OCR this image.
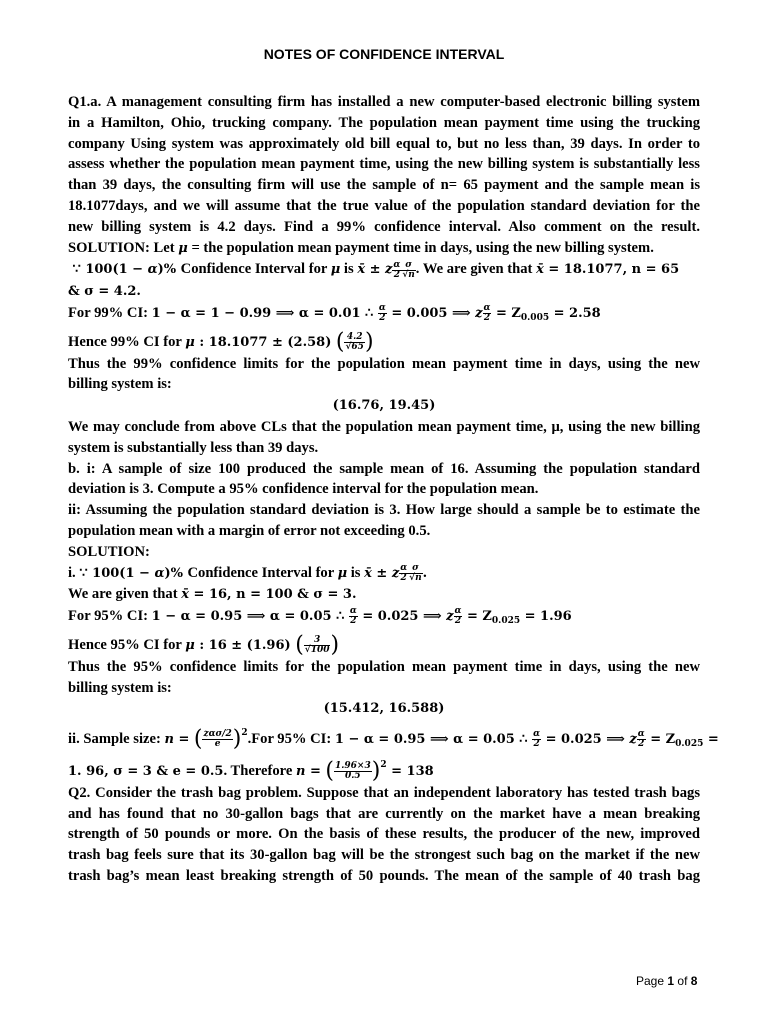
NOTES OF CONFIDENCE INTERVAL
Q1.a. A management consulting firm has installed a new computer-based electronic billing system
in a Hamilton, Ohio, trucking company. The population mean payment time using the trucking
company Using system was approximately old bill equal to, but no less than, 39 days. In order to
assess whether the population mean payment time, using the new billing system is substantially less
than 39 days, the consulting firm will use the sample of n= 65 payment and the sample mean is
18.1077days, and we will assume that the true value of the population standard deviation for the
new billing system is 4.2 days. Find a 99% confidence interval. Also comment on the result.
SOLUTION: Let μ = the population mean payment time in days, using the new billing system.
∵ 100(1 − α)% Confidence Interval for μ is x̄ ± z $\frac{\alpha}{2} \frac{\sigma}{√n}$ . We are given that x̄ = 18.1077, n = 65
& σ = 4.2.
For 99% CI: 1 − α = 1 − 0.99 ⟹ α = 0.01 ∴ $\frac{\alpha}{2} = 0.005$ ⟹ z $\frac{\alpha}{2} = Z_{0.005} = 2.58$
Hence 99% CI for μ : 18.1077 ± (2.58) ( $\frac{4.2}{√65}$ )
Thus the 99% confidence limits for the population mean payment time in days, using the new
billing system is:
(16.76, 19.45)
We may conclude from above CLs that the population mean payment time, μ, using the new billing
system is substantially less than 39 days.
b. i: A sample of size 100 produced the sample mean of 16. Assuming the population standard
deviation is 3. Compute a 95% confidence interval for the population mean.
ii: Assuming the population standard deviation is 3. How large should a sample be to estimate the
population mean with a margin of error not exceeding 0.5.
SOLUTION:
i. ∵ 100(1 − α)% Confidence Interval for μ is x̄ ± z $\frac{\alpha}{2} \frac{\sigma}{√n}$ .
We are given that x̄ = 16, n = 100 & σ = 3.
For 95% CI: 1 − α = 0.95 ⟹ α = 0.05 ∴ $\frac{\alpha}{2} = 0.025$ ⟹ z $\frac{\alpha}{2} = Z_{0.025} = 1.96$
Hence 95% CI for μ : 16 ± (1.96) ( $\frac{3}{√100}$ )
Thus the 95% confidence limits for the population mean payment time in days, using the new
billing system is:
(15.412, 16.588)
ii. Sample size: n = ( $\frac{\text{zασ/2}}{e} )^2.For$ 95% CI: 1 − α = 0.95 ⟹ α = 0.05 ∴ $\frac{\alpha}{2} = 0.025$ ⟹ z $\frac{\alpha}{2} = Z_{0.025}$ =
1. 96, σ = 3 & e = 0.5. Therefore n = ( $\frac{1.96\times 3}{0.5} )^2 = 138$
Q2. Consider the trash bag problem. Suppose that an independent laboratory has tested trash bags
and has found that no 30-gallon bags that are currently on the market have a mean breaking
strength of 50 pounds or more. On the basis of these results, the producer of the new, improved
trash bag feels sure that its 30-gallon bag will be the strongest such bag on the market if the new
trash bag’s mean least breaking strength of 50 pounds. The mean of the sample of 40 trash bag
Page 1 of 8
